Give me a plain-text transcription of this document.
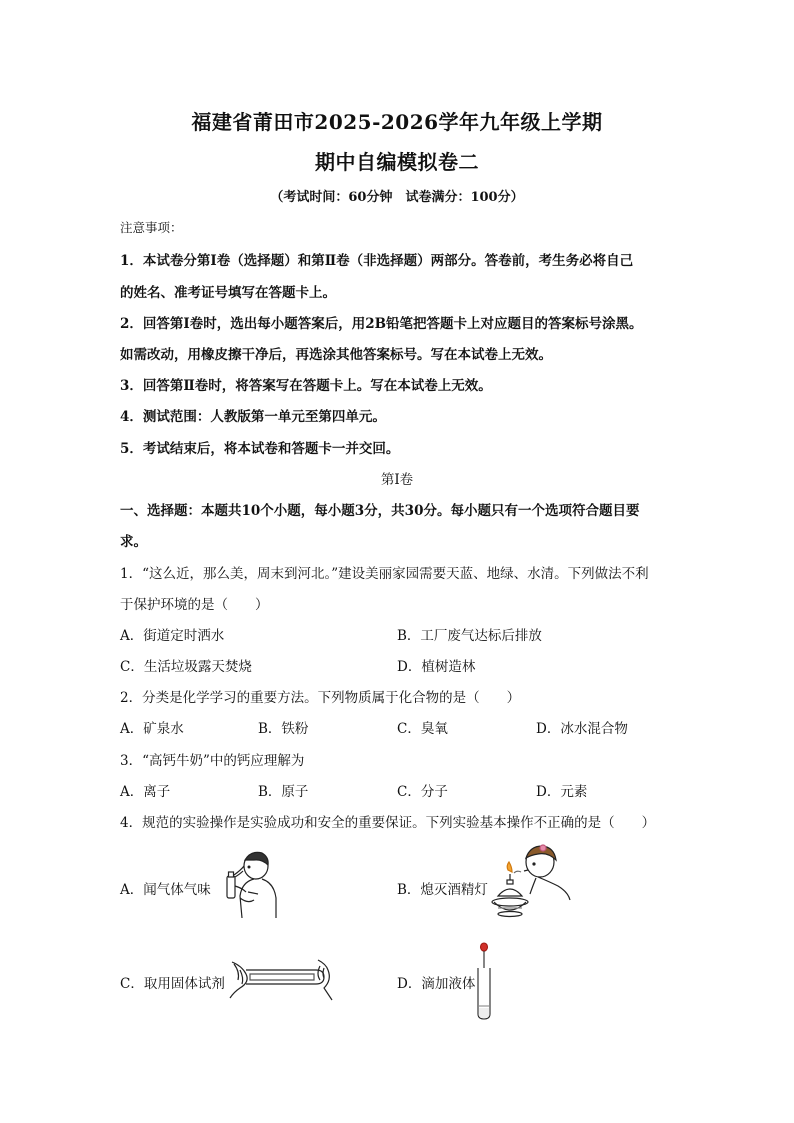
福建省莆田市2025-2026学年九年级上学期
期中自编模拟卷二
（考试时间：60分钟　试卷满分：100分）
注意事项：
1．本试卷分第Ⅰ卷（选择题）和第Ⅱ卷（非选择题）两部分。答卷前，考生务必将自己
的姓名、准考证号填写在答题卡上。
2．回答第Ⅰ卷时，选出每小题答案后，用2B铅笔把答题卡上对应题目的答案标号涂黑。
如需改动，用橡皮擦干净后，再选涂其他答案标号。写在本试卷上无效。
3．回答第Ⅱ卷时，将答案写在答题卡上。写在本试卷上无效。
4．测试范围：人教版第一单元至第四单元。
5．考试结束后，将本试卷和答题卡一并交回。
第Ⅰ卷
一、选择题：本题共10个小题，每小题3分，共30分。每小题只有一个选项符合题目要
求。
1．“这么近，那么美，周末到河北。”建设美丽家园需要天蓝、地绿、水清。下列做法不利
于保护环境的是（　　）
A．街道定时洒水	B．工厂废气达标后排放
C．生活垃圾露天焚烧	D．植树造林
2．分类是化学学习的重要方法。下列物质属于化合物的是（　　）
A．矿泉水	B．铁粉	C．臭氧	D．冰水混合物
3．“高钙牛奶”中的钙应理解为
A．离子	B．原子	C．分子	D．元素
4．规范的实验操作是实验成功和安全的重要保证。下列实验基本操作不正确的是（　　）
A．闻气体气味	B．熄灭酒精灯
C．取用固体试剂	D．滴加液体
